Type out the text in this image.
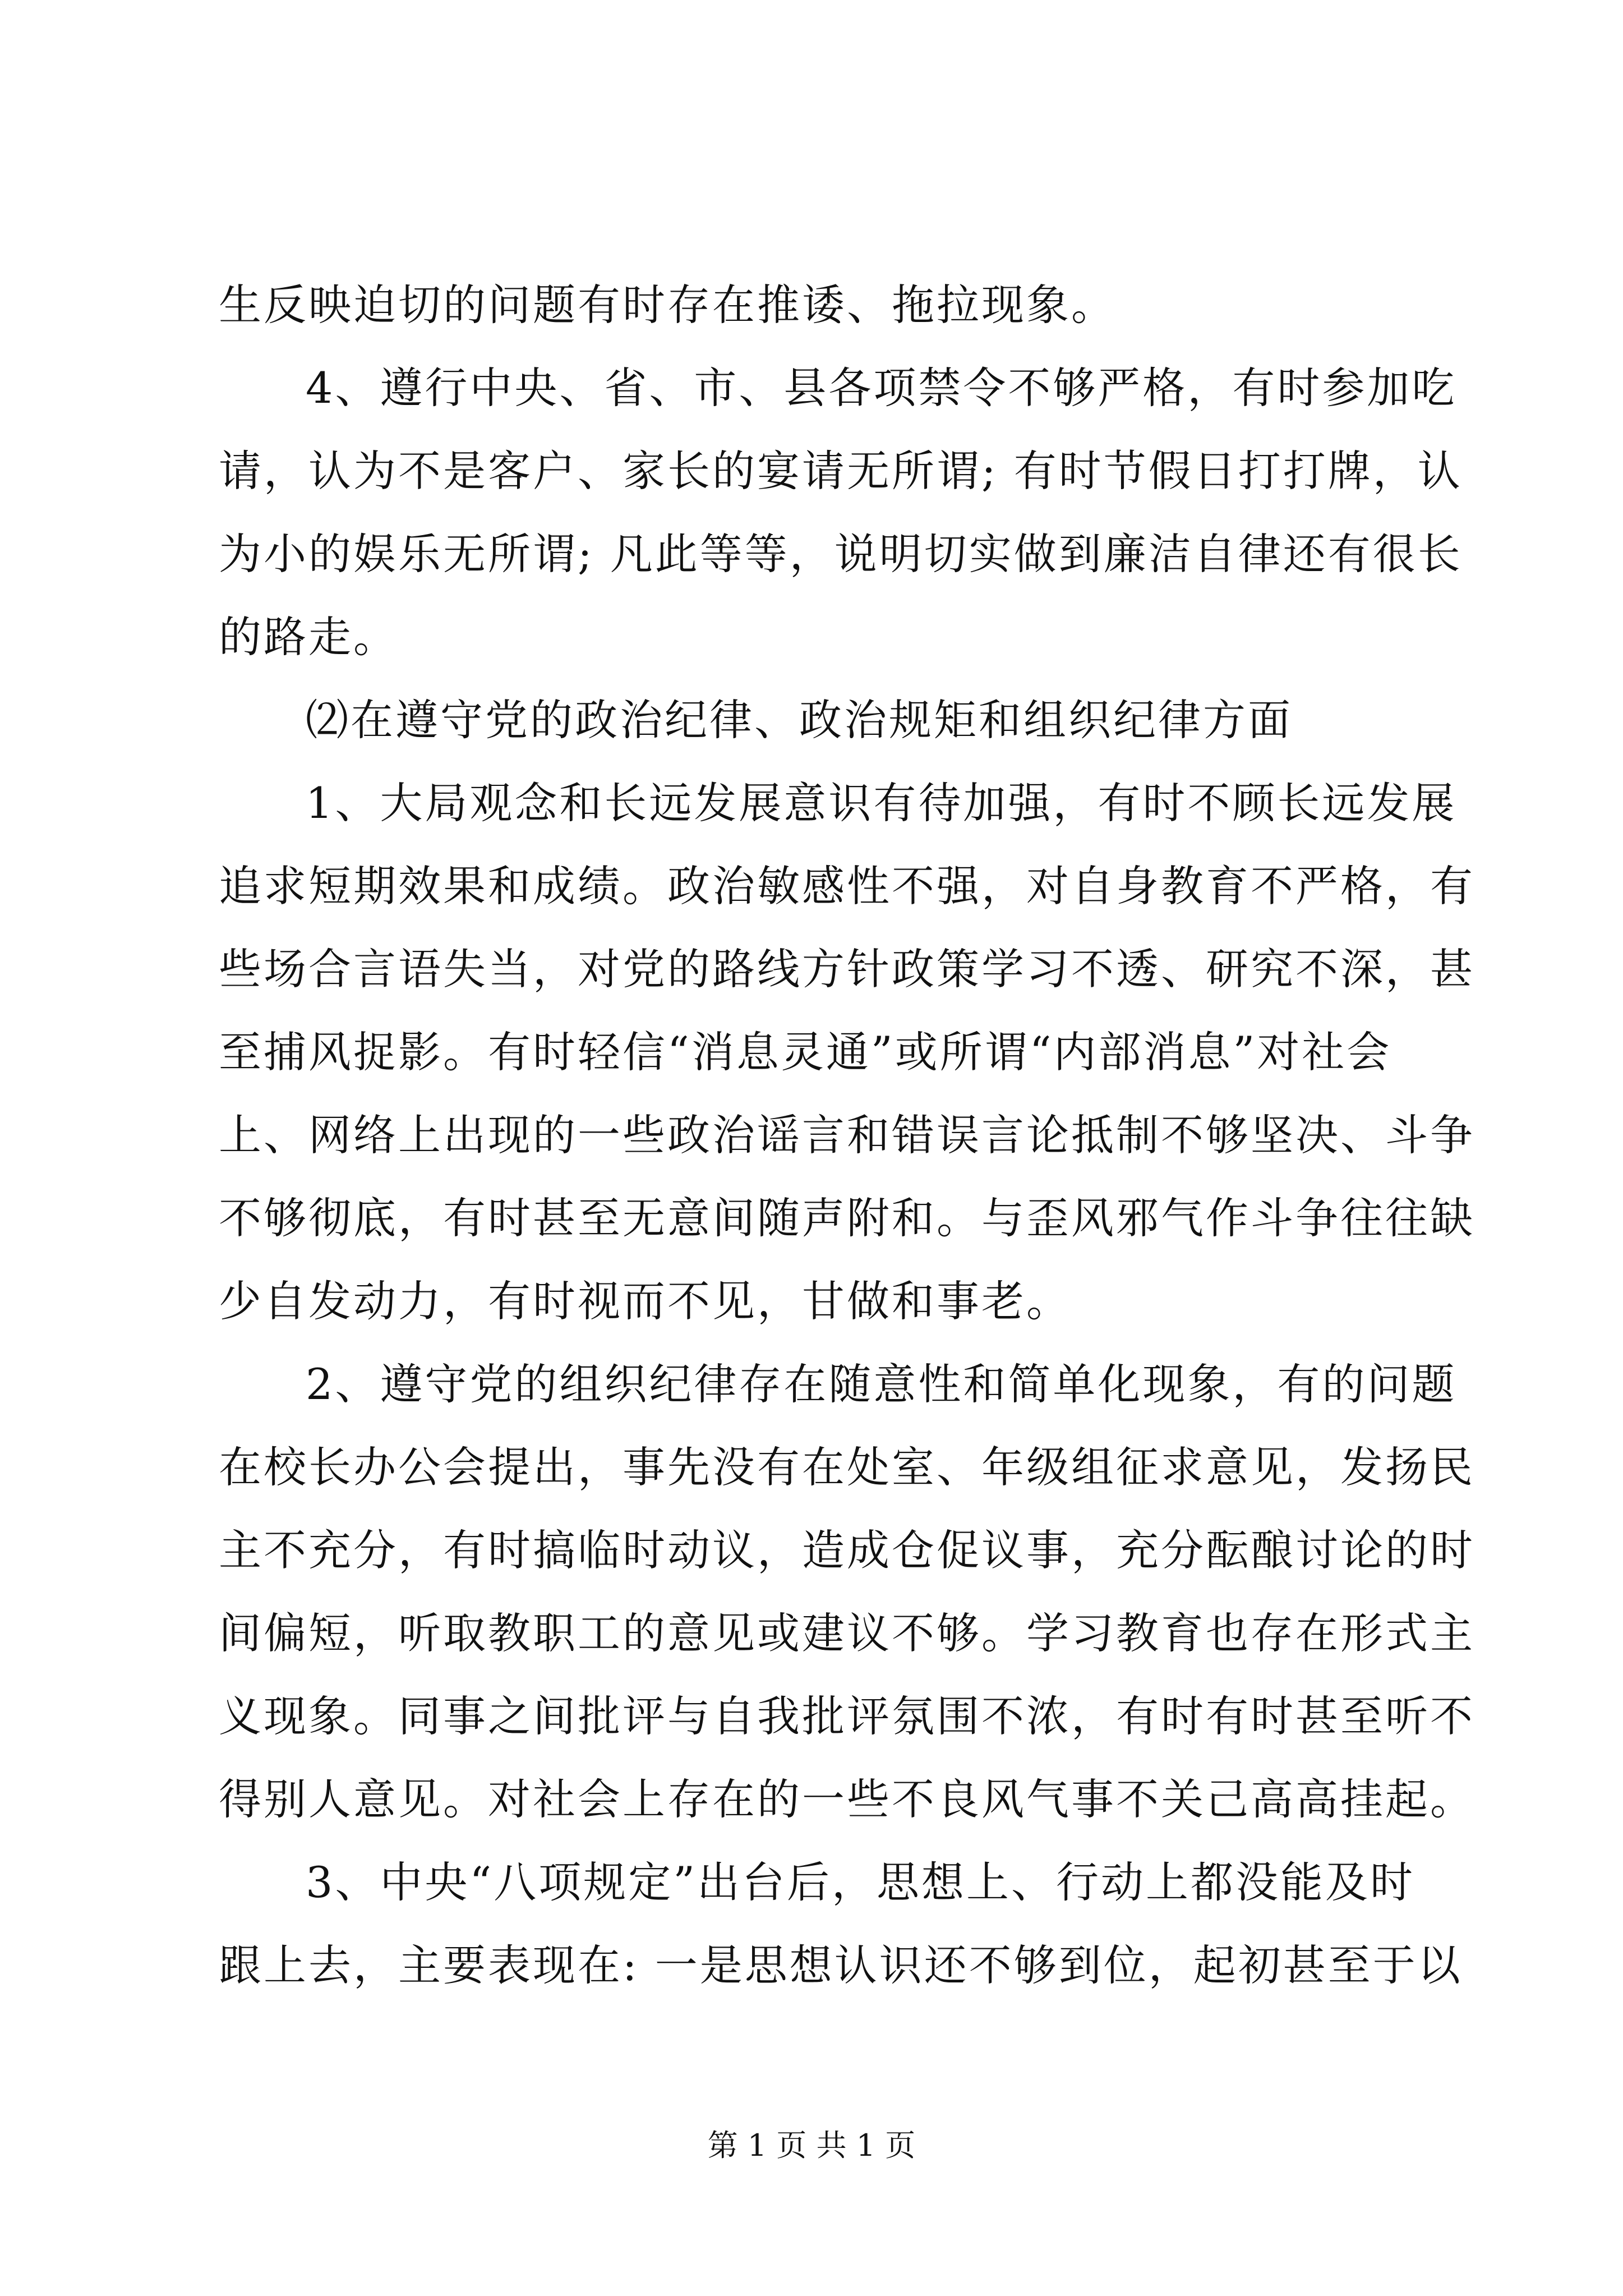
生反映迫切的问题有时存在推诿、拖拉现象。
4、遵行中央、省、市、县各项禁令不够严格，有时参加吃
请，认为不是客户、家长的宴请无所谓; 有时节假日打打牌，认
为小的娱乐无所谓; 凡此等等，说明切实做到廉洁自律还有很长
的路走。
⑵在遵守党的政治纪律、政治规矩和组织纪律方面
1、大局观念和长远发展意识有待加强，有时不顾长远发展
追求短期效果和成绩。政治敏感性不强，对自身教育不严格，有
些场合言语失当，对党的路线方针政策学习不透、研究不深，甚
至捕风捉影。有时轻信“消息灵通”或所谓“内部消息”对社会
上、网络上出现的一些政治谣言和错误言论抵制不够坚决、斗争
不够彻底，有时甚至无意间随声附和。与歪风邪气作斗争往往缺
少自发动力，有时视而不见，甘做和事老。
2、遵守党的组织纪律存在随意性和简单化现象，有的问题
在校长办公会提出，事先没有在处室、年级组征求意见，发扬民
主不充分，有时搞临时动议，造成仓促议事，充分酝酿讨论的时
间偏短，听取教职工的意见或建议不够。学习教育也存在形式主
义现象。同事之间批评与自我批评氛围不浓，有时有时甚至听不
得别人意见。对社会上存在的一些不良风气事不关己高高挂起。
3、中央“八项规定”出台后，思想上、行动上都没能及时
跟上去，主要表现在: 一是思想认识还不够到位，起初甚至于以
第 1 页 共 1 页
